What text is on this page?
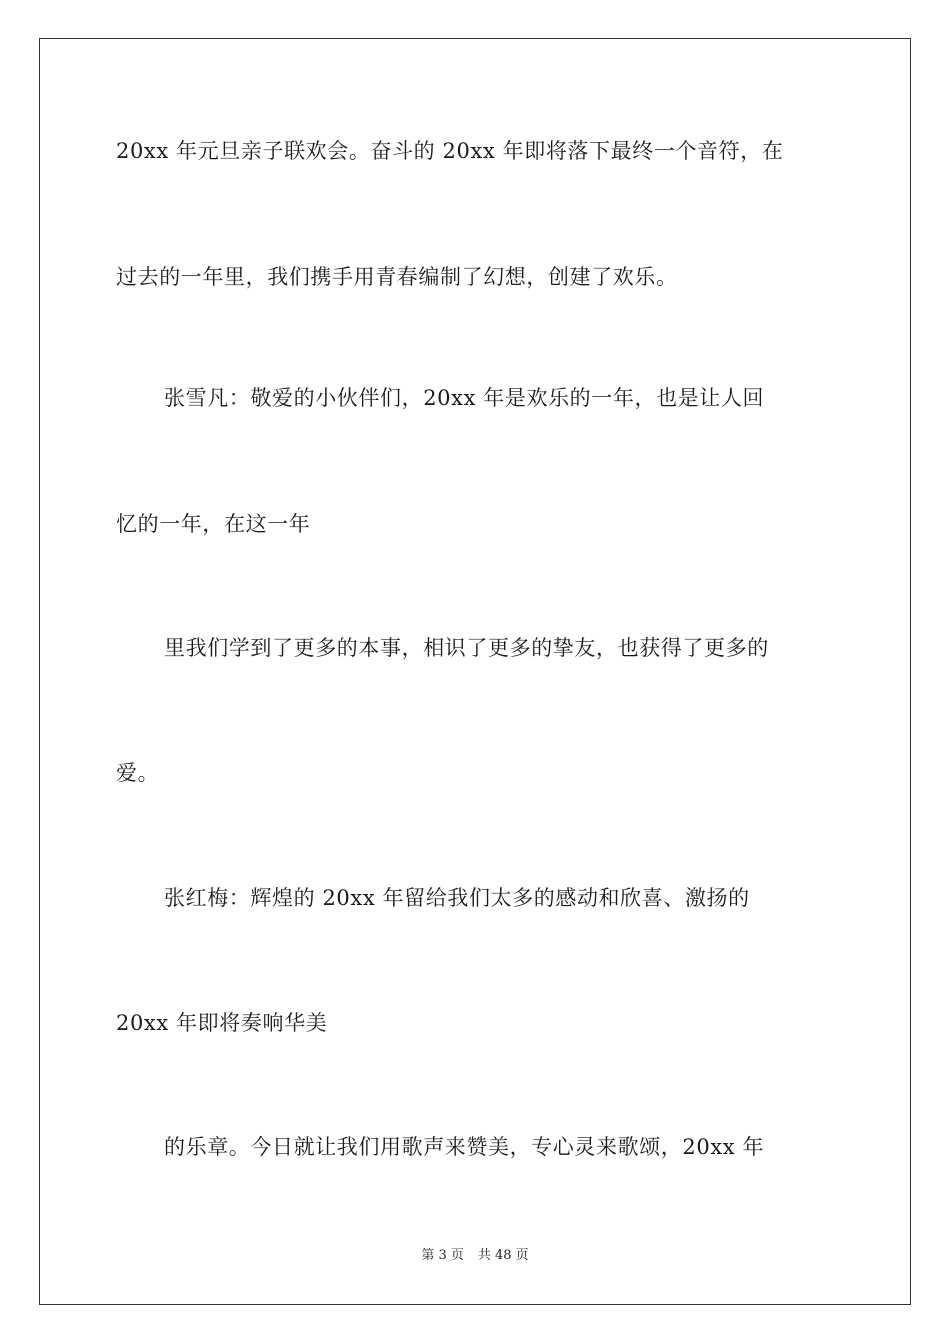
20xx 年元旦亲子联欢会。奋斗的 20xx 年即将落下最终一个音符，在
过去的一年里，我们携手用青春编制了幻想，创建了欢乐。
张雪凡：敬爱的小伙伴们，20xx 年是欢乐的一年，也是让人回
忆的一年，在这一年
里我们学到了更多的本事，相识了更多的挚友，也获得了更多的
爱。
张红梅：辉煌的 20xx 年留给我们太多的感动和欣喜、激扬的
20xx 年即将奏响华美
的乐章。今日就让我们用歌声来赞美，专心灵来歌颂，20xx 年
第 3 页 共 48 页
